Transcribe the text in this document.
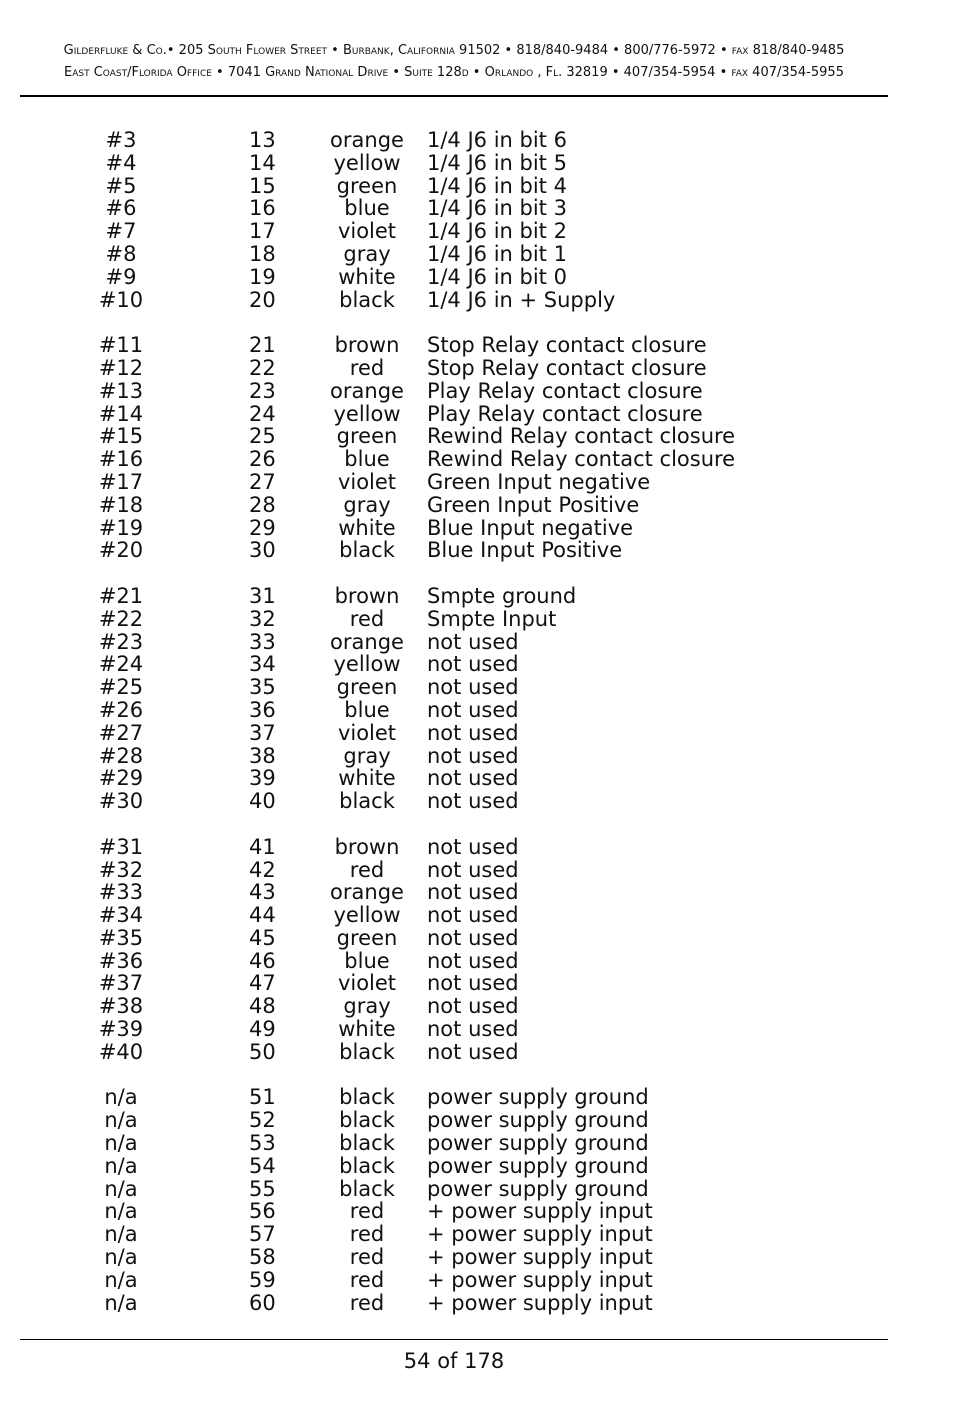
Gilderfluke & Co.• 205 South Flower Street • Burbank, California 91502 • 818/840-9484 • 800/776-5972 • fax 818/840-9485
East Coast/Florida Office • 7041 Grand National Drive • Suite 128d • Orlando , Fl. 32819 • 407/354-5954 • fax 407/354-5955
#3	13	orange	1/4 J6 in bit 6
#4	14	yellow	1/4 J6 in bit 5
#5	15	green	1/4 J6 in bit 4
#6	16	blue	1/4 J6 in bit 3
#7	17	violet	1/4 J6 in bit 2
#8	18	gray	1/4 J6 in bit 1
#9	19	white	1/4 J6 in bit 0
#10	20	black	1/4 J6 in + Supply
#11	21	brown	Stop Relay contact closure
#12	22	red	Stop Relay contact closure
#13	23	orange	Play Relay contact closure
#14	24	yellow	Play Relay contact closure
#15	25	green	Rewind Relay contact closure
#16	26	blue	Rewind Relay contact closure
#17	27	violet	Green Input negative
#18	28	gray	Green Input Positive
#19	29	white	Blue Input negative
#20	30	black	Blue Input Positive
#21	31	brown	Smpte ground
#22	32	red	Smpte Input
#23	33	orange	not used
#24	34	yellow	not used
#25	35	green	not used
#26	36	blue	not used
#27	37	violet	not used
#28	38	gray	not used
#29	39	white	not used
#30	40	black	not used
#31	41	brown	not used
#32	42	red	not used
#33	43	orange	not used
#34	44	yellow	not used
#35	45	green	not used
#36	46	blue	not used
#37	47	violet	not used
#38	48	gray	not used
#39	49	white	not used
#40	50	black	not used
n/a	51	black	power supply ground
n/a	52	black	power supply ground
n/a	53	black	power supply ground
n/a	54	black	power supply ground
n/a	55	black	power supply ground
n/a	56	red	+ power supply input
n/a	57	red	+ power supply input
n/a	58	red	+ power supply input
n/a	59	red	+ power supply input
n/a	60	red	+ power supply input
54 of 178
